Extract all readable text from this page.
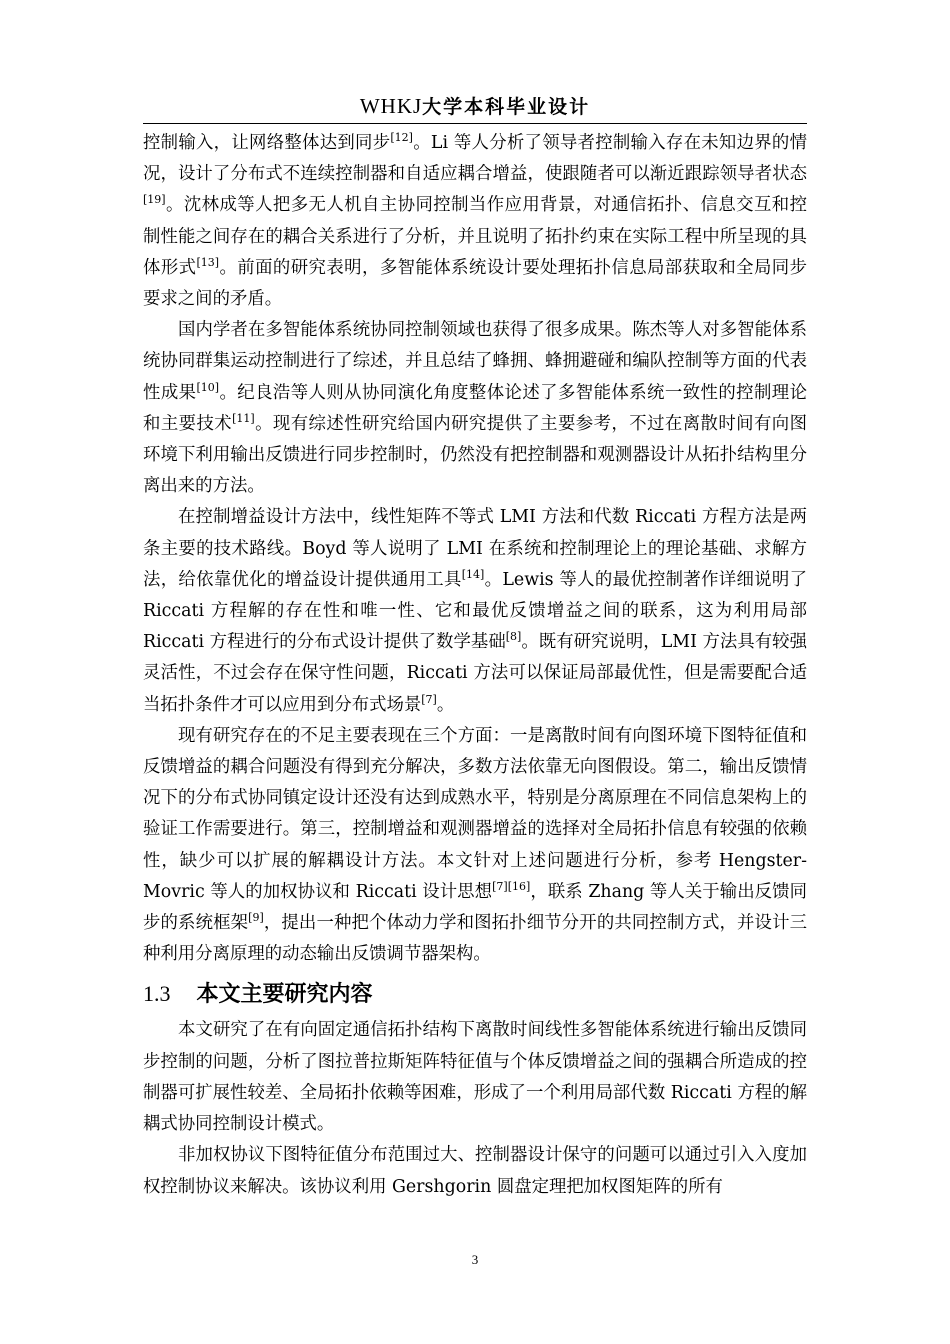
WHKJ大学本科毕业设计

控制输入，让网络整体达到同步[12]。Li 等人分析了领导者控制输入存在未知边界的情况，设计了分布式不连续控制器和自适应耦合增益，使跟随者可以渐近跟踪领导者状态[19]。沈林成等人把多无人机自主协同控制当作应用背景，对通信拓扑、信息交互和控制性能之间存在的耦合关系进行了分析，并且说明了拓扑约束在实际工程中所呈现的具体形式[13]。前面的研究表明，多智能体系统设计要处理拓扑信息局部获取和全局同步要求之间的矛盾。

国内学者在多智能体系统协同控制领域也获得了很多成果。陈杰等人对多智能体系统协同群集运动控制进行了综述，并且总结了蜂拥、蜂拥避碰和编队控制等方面的代表性成果[10]。纪良浩等人则从协同演化角度整体论述了多智能体系统一致性的控制理论和主要技术[11]。现有综述性研究给国内研究提供了主要参考，不过在离散时间有向图环境下利用输出反馈进行同步控制时，仍然没有把控制器和观测器设计从拓扑结构里分离出来的方法。

在控制增益设计方法中，线性矩阵不等式 LMI 方法和代数 Riccati 方程方法是两条主要的技术路线。Boyd 等人说明了 LMI 在系统和控制理论上的理论基础、求解方法，给依靠优化的增益设计提供通用工具[14]。Lewis 等人的最优控制著作详细说明了 Riccati 方程解的存在性和唯一性、它和最优反馈增益之间的联系，这为利用局部 Riccati 方程进行的分布式设计提供了数学基础[8]。既有研究说明，LMI 方法具有较强灵活性，不过会存在保守性问题，Riccati 方法可以保证局部最优性，但是需要配合适当拓扑条件才可以应用到分布式场景[7]。

现有研究存在的不足主要表现在三个方面：一是离散时间有向图环境下图特征值和反馈增益的耦合问题没有得到充分解决，多数方法依靠无向图假设。第二，输出反馈情况下的分布式协同镇定设计还没有达到成熟水平，特别是分离原理在不同信息架构上的验证工作需要进行。第三，控制增益和观测器增益的选择对全局拓扑信息有较强的依赖性，缺少可以扩展的解耦设计方法。本文针对上述问题进行分析，参考 Hengster-Movric 等人的加权协议和 Riccati 设计思想[7][16]，联系 Zhang 等人关于输出反馈同步的系统框架[9]，提出一种把个体动力学和图拓扑细节分开的共同控制方式，并设计三种利用分离原理的动态输出反馈调节器架构。

1.3 本文主要研究内容

本文研究了在有向固定通信拓扑结构下离散时间线性多智能体系统进行输出反馈同步控制的问题，分析了图拉普拉斯矩阵特征值与个体反馈增益之间的强耦合所造成的控制器可扩展性较差、全局拓扑依赖等困难，形成了一个利用局部代数 Riccati 方程的解耦式协同控制设计模式。

非加权协议下图特征值分布范围过大、控制器设计保守的问题可以通过引入入度加权控制协议来解决。该协议利用 Gershgorin 圆盘定理把加权图矩阵的所有

3
